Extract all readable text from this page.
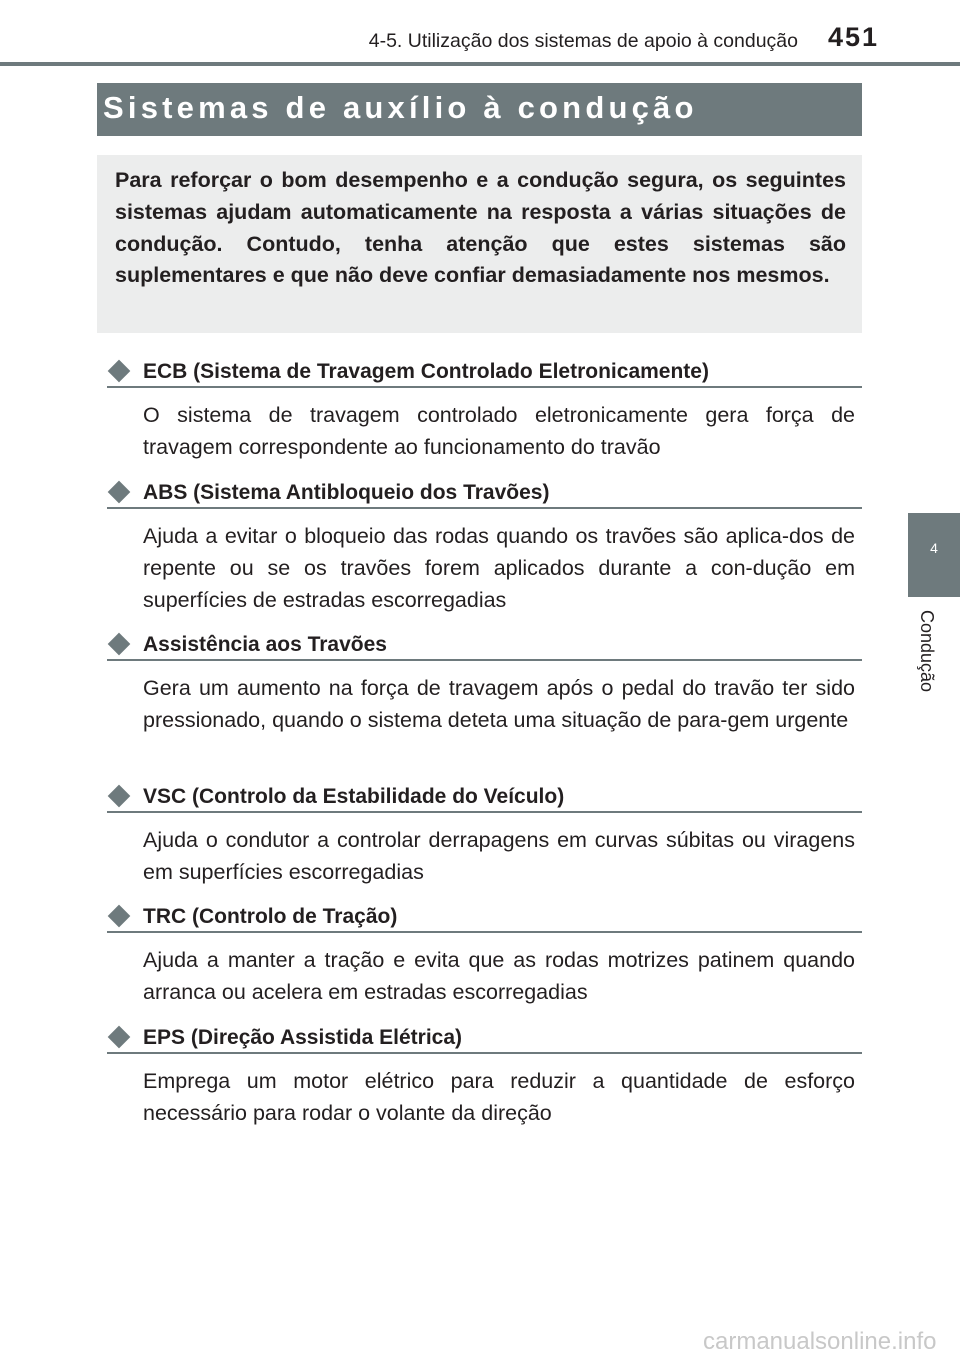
4-5. Utilização dos sistemas de apoio à condução 451
4
Condução
Sistemas de auxílio à condução
Para reforçar o bom desempenho e a condução segura, os seguintes sistemas ajudam automaticamente na resposta a várias situações de condução. Contudo, tenha atenção que estes sistemas são suplementares e que não deve confiar demasiadamente nos mesmos.
ECB (Sistema de Travagem Controlado Eletronicamente)
O sistema de travagem controlado eletronicamente gera força de travagem correspondente ao funcionamento do travão
ABS (Sistema Antibloqueio dos Travões)
Ajuda a evitar o bloqueio das rodas quando os travões são aplica-dos de repente ou se os travões forem aplicados durante a con-dução em superfícies de estradas escorregadias
Assistência aos Travões
Gera um aumento na força de travagem após o pedal do travão ter sido pressionado, quando o sistema deteta uma situação de para-gem urgente
VSC (Controlo da Estabilidade do Veículo)
Ajuda o condutor a controlar derrapagens em curvas súbitas ou viragens em superfícies escorregadias
TRC (Controlo de Tração)
Ajuda a manter a tração e evita que as rodas motrizes patinem quando arranca ou acelera em estradas escorregadias
EPS (Direção Assistida Elétrica)
Emprega um motor elétrico para reduzir a quantidade de esforço necessário para rodar o volante da direção
carmanualsonline.info
